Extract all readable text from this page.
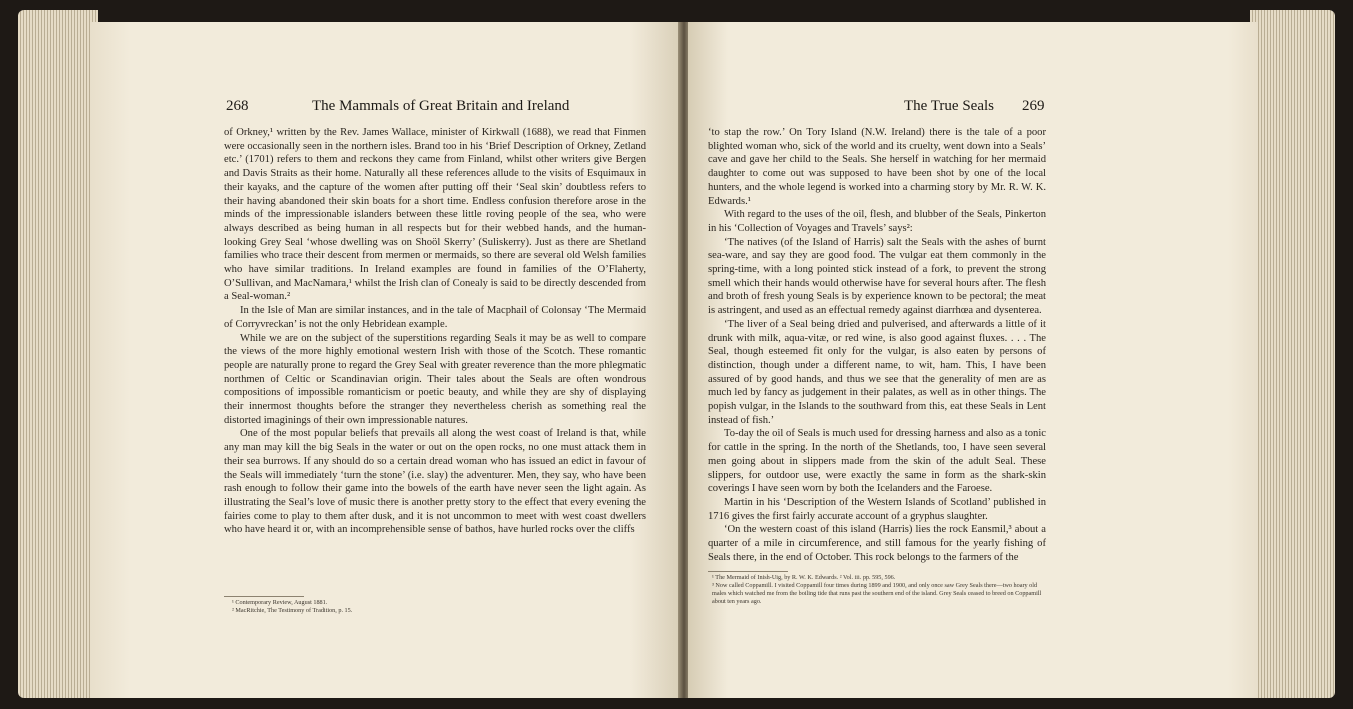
268	The Mammals of Great Britain and Ireland

of Orkney,¹ written by the Rev. James Wallace, minister of Kirkwall (1688), we read that Finmen were occasionally seen in the northern isles. Brand too in his ‘Brief Description of Orkney, Zetland etc.’ (1701) refers to them and reckons they came from Finland, whilst other writers give Bergen and Davis Straits as their home. Naturally all these references allude to the visits of Esquimaux in their kayaks, and the capture of the women after putting off their ‘Seal skin’ doubtless refers to their having abandoned their skin boats for a short time. Endless confusion therefore arose in the minds of the impressionable islanders between these little roving people of the sea, who were always described as being human in all respects but for their webbed hands, and the human-looking Grey Seal ‘whose dwelling was on Shoöl Skerry’ (Suliskerry). Just as there are Shetland families who trace their descent from mermen or mermaids, so there are several old Welsh families who have similar traditions. In Ireland examples are found in families of the O’Flaherty, O’Sullivan, and MacNamara,¹ whilst the Irish clan of Conealy is said to be directly descended from a Seal-woman.²

In the Isle of Man are similar instances, and in the tale of Macphail of Colonsay ‘The Mermaid of Corryvreckan’ is not the only Hebridean example.

While we are on the subject of the superstitions regarding Seals it may be as well to compare the views of the more highly emotional western Irish with those of the Scotch. These romantic people are naturally prone to regard the Grey Seal with greater reverence than the more phlegmatic northmen of Celtic or Scandinavian origin. Their tales about the Seals are often wondrous compositions of impossible romanticism or poetic beauty, and while they are shy of displaying their innermost thoughts before the stranger they nevertheless cherish as something real the distorted imaginings of their own impressionable natures.

One of the most popular beliefs that prevails all along the west coast of Ireland is that, while any man may kill the big Seals in the water or out on the open rocks, no one must attack them in their sea burrows. If any should do so a certain dread woman who has issued an edict in favour of the Seals will immediately ‘turn the stone’ (i.e. slay) the adventurer. Men, they say, who have been rash enough to follow their game into the bowels of the earth have never seen the light again. As illustrating the Seal’s love of music there is another pretty story to the effect that every evening the fairies come to play to them after dusk, and it is not uncommon to meet with west coast dwellers who have heard it or, with an incomprehensible sense of bathos, have hurled rocks over the cliffs

¹ Contemporary Review, August 1881.

² MacRitchie, The Testimony of Tradition, p. 15.

The True Seals 269

‘to stap the row.’ On Tory Island (N.W. Ireland) there is the tale of a poor blighted woman who, sick of the world and its cruelty, went down into a Seals’ cave and gave her child to the Seals. She herself in watching for her mermaid daughter to come out was supposed to have been shot by one of the local hunters, and the whole legend is worked into a charming story by Mr. R. W. K. Edwards.¹

With regard to the uses of the oil, flesh, and blubber of the Seals, Pinkerton in his ‘Collection of Voyages and Travels’ says²:

‘The natives (of the Island of Harris) salt the Seals with the ashes of burnt sea-ware, and say they are good food. The vulgar eat them commonly in the spring-time, with a long pointed stick instead of a fork, to prevent the strong smell which their hands would otherwise have for several hours after. The flesh and broth of fresh young Seals is by experience known to be pectoral; the meat is astringent, and used as an effectual remedy against diarrhœa and dysenterea.

‘The liver of a Seal being dried and pulverised, and afterwards a little of it drunk with milk, aqua-vitæ, or red wine, is also good against fluxes. . . . The Seal, though esteemed fit only for the vulgar, is also eaten by persons of distinction, though under a different name, to wit, ham. This, I have been assured of by good hands, and thus we see that the generality of men are as much led by fancy as judgement in their palates, as well as in other things. The popish vulgar, in the Islands to the southward from this, eat these Seals in Lent instead of fish.’

To-day the oil of Seals is much used for dressing harness and also as a tonic for cattle in the spring. In the north of the Shetlands, too, I have seen several men going about in slippers made from the skin of the adult Seal. These slippers, for outdoor use, were exactly the same in form as the shark-skin coverings I have seen worn by both the Icelanders and the Faroese.

Martin in his ‘Description of the Western Islands of Scotland’ published in 1716 gives the first fairly accurate account of a gryphus slaughter.

‘On the western coast of this island (Harris) lies the rock Eansmil,³ about a quarter of a mile in circumference, and still famous for the yearly fishing of Seals there, in the end of October. This rock belongs to the farmers of the

¹ The Mermaid of Inish-Uig, by R. W. K. Edwards. ² Vol. iii. pp. 595, 596.

³ Now called Coppamill. I visited Coppamill four times during 1899 and 1900, and only once saw Grey Seals there—two hoary old males which watched me from the boiling tide that runs past the southern end of the island. Grey Seals ceased to breed on Coppamill about ten years ago.
